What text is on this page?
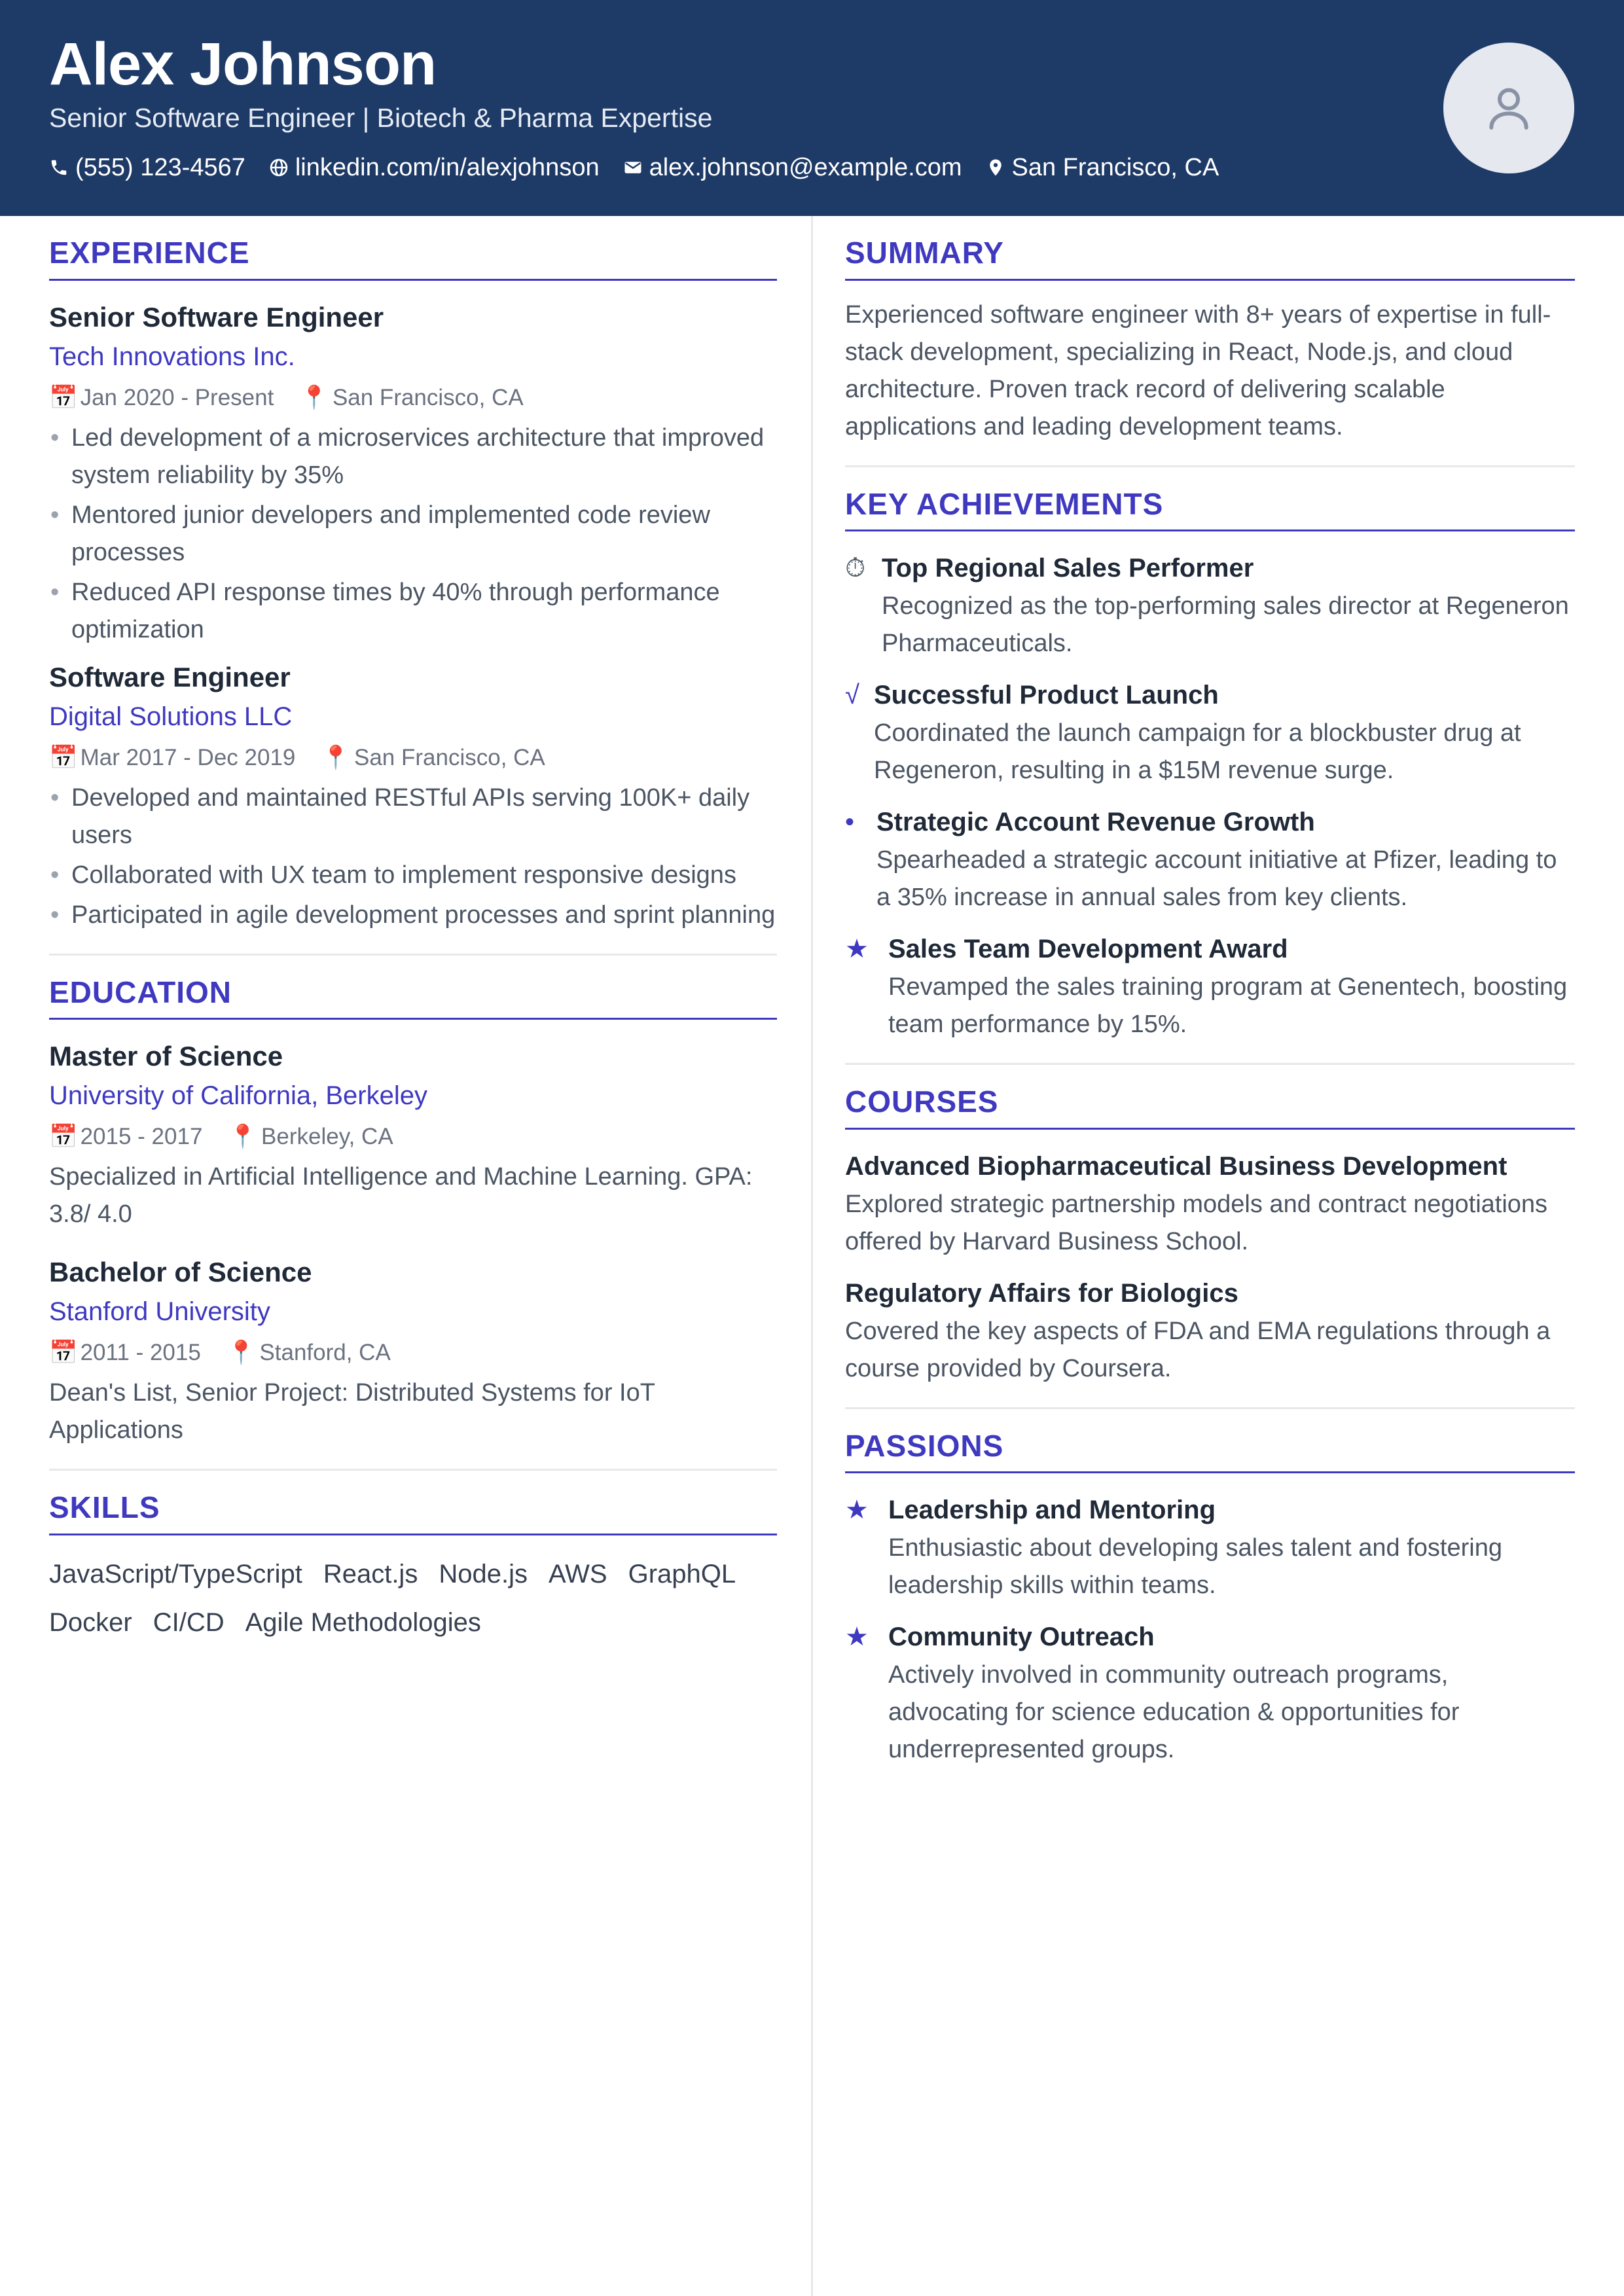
Alex Johnson
Senior Software Engineer | Biotech & Pharma Expertise
(555) 123-4567 linkedin.com/in/alexjohnson alex.johnson@example.com San Francisco, CA
EXPERIENCE
Senior Software Engineer
Tech Innovations Inc.
📅 Jan 2020 - Present 📍 San Francisco, CA
• Led development of a microservices architecture that improved system reliability by 35%
• Mentored junior developers and implemented code review processes
• Reduced API response times by 40% through performance optimization
Software Engineer
Digital Solutions LLC
📅 Mar 2017 - Dec 2019 📍 San Francisco, CA
• Developed and maintained RESTful APIs serving 100K+ daily users
• Collaborated with UX team to implement responsive designs
• Participated in agile development processes and sprint planning
EDUCATION
Master of Science
University of California, Berkeley
📅 2015 - 2017 📍 Berkeley, CA
Specialized in Artificial Intelligence and Machine Learning. GPA: 3.8/ 4.0
Bachelor of Science
Stanford University
📅 2011 - 2015 📍 Stanford, CA
Dean's List, Senior Project: Distributed Systems for IoT Applications
SKILLS
JavaScript/TypeScript React.js Node.js AWS GraphQL
Docker CI/CD Agile Methodologies
SUMMARY
Experienced software engineer with 8+ years of expertise in full-stack development, specializing in React, Node.js, and cloud architecture. Proven track record of delivering scalable applications and leading development teams.
KEY ACHIEVEMENTS
⏱ Top Regional Sales Performer
Recognized as the top-performing sales director at Regeneron Pharmaceuticals.
√ Successful Product Launch
Coordinated the launch campaign for a blockbuster drug at Regeneron, resulting in a $15M revenue surge.
• Strategic Account Revenue Growth
Spearheaded a strategic account initiative at Pfizer, leading to a 35% increase in annual sales from key clients.
★ Sales Team Development Award
Revamped the sales training program at Genentech, boosting team performance by 15%.
COURSES
Advanced Biopharmaceutical Business Development
Explored strategic partnership models and contract negotiations offered by Harvard Business School.
Regulatory Affairs for Biologics
Covered the key aspects of FDA and EMA regulations through a course provided by Coursera.
PASSIONS
★ Leadership and Mentoring
Enthusiastic about developing sales talent and fostering leadership skills within teams.
★ Community Outreach
Actively involved in community outreach programs, advocating for science education & opportunities for underrepresented groups.
